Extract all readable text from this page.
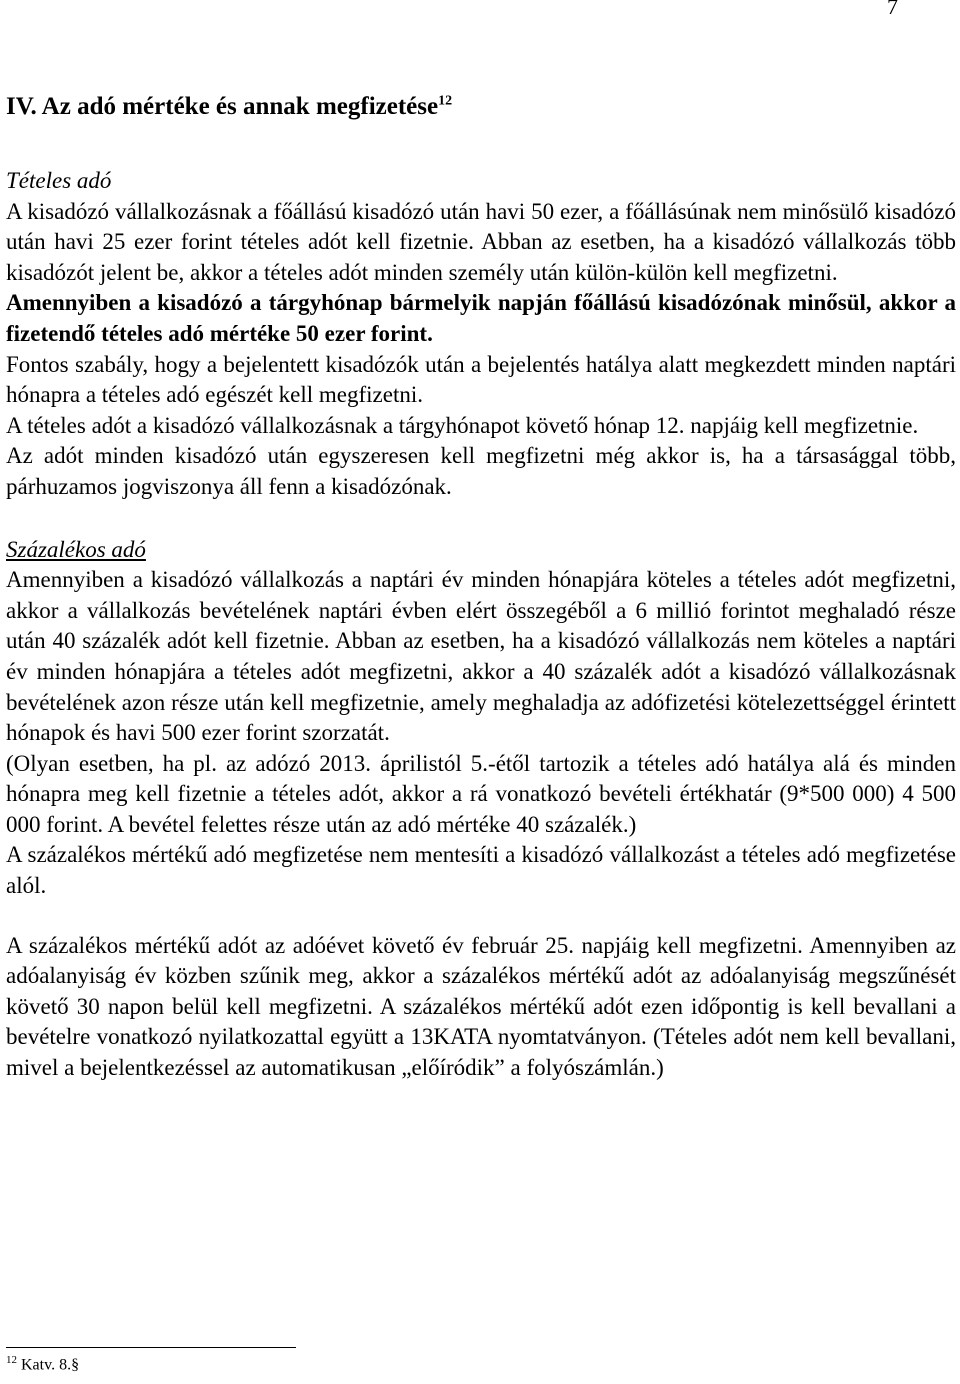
7
IV. Az adó mértéke és annak megfizetése$^{12}$
Tételes adó

A kisadózó vállalkozásnak a főállású kisadózó után havi 50 ezer, a főállásúnak nem minősülő kisadózó után havi 25 ezer forint tételes adót kell fizetnie. Abban az esetben, ha a kisadózó vállalkozás több kisadózót jelent be, akkor a tételes adót minden személy után külön-külön kell megfizetni.

Amennyiben a kisadózó a tárgyhónap bármelyik napján főállású kisadózónak minősül, akkor a fizetendő tételes adó mértéke 50 ezer forint.

Fontos szabály, hogy a bejelentett kisadózók után a bejelentés hatálya alatt megkezdett minden naptári hónapra a tételes adó egészét kell megfizetni.

A tételes adót a kisadózó vállalkozásnak a tárgyhónapot követő hónap 12. napjáig kell megfizetnie.

Az adót minden kisadózó után egyszeresen kell megfizetni még akkor is, ha a társasággal több, párhuzamos jogviszonya áll fenn a kisadózónak.

Százalékos adó

Amennyiben a kisadózó vállalkozás a naptári év minden hónapjára köteles a tételes adót megfizetni, akkor a vállalkozás bevételének naptári évben elért összegéből a 6 millió forintot meghaladó része után 40 százalék adót kell fizetnie. Abban az esetben, ha a kisadózó vállalkozás nem köteles a naptári év minden hónapjára a tételes adót megfizetni, akkor a 40 százalék adót a kisadózó vállalkozásnak bevételének azon része után kell megfizetnie, amely meghaladja az adófizetési kötelezettséggel érintett hónapok és havi 500 ezer forint szorzatát.

(Olyan esetben, ha pl. az adózó 2013. áprilistól 5.-étől tartozik a tételes adó hatálya alá és minden hónapra meg kell fizetnie a tételes adót, akkor a rá vonatkozó bevételi értékhatár (9*500 000) 4 500 000 forint. A bevétel felettes része után az adó mértéke 40 százalék.)

A százalékos mértékű adó megfizetése nem mentesíti a kisadózó vállalkozást a tételes adó megfizetése alól.

A százalékos mértékű adót az adóévet követő év február 25. napjáig kell megfizetni. Amennyiben az adóalanyiság év közben szűnik meg, akkor a százalékos mértékű adót az adóalanyiság megszűnését követő 30 napon belül kell megfizetni. A százalékos mértékű adót ezen időpontig is kell bevallani a bevételre vonatkozó nyilatkozattal együtt a 13KATA nyomtatványon. (Tételes adót nem kell bevallani, mivel a bejelentkezéssel az automatikusan „előíródik” a folyószámlán.)

$^{12}$ Katv. 8.§
